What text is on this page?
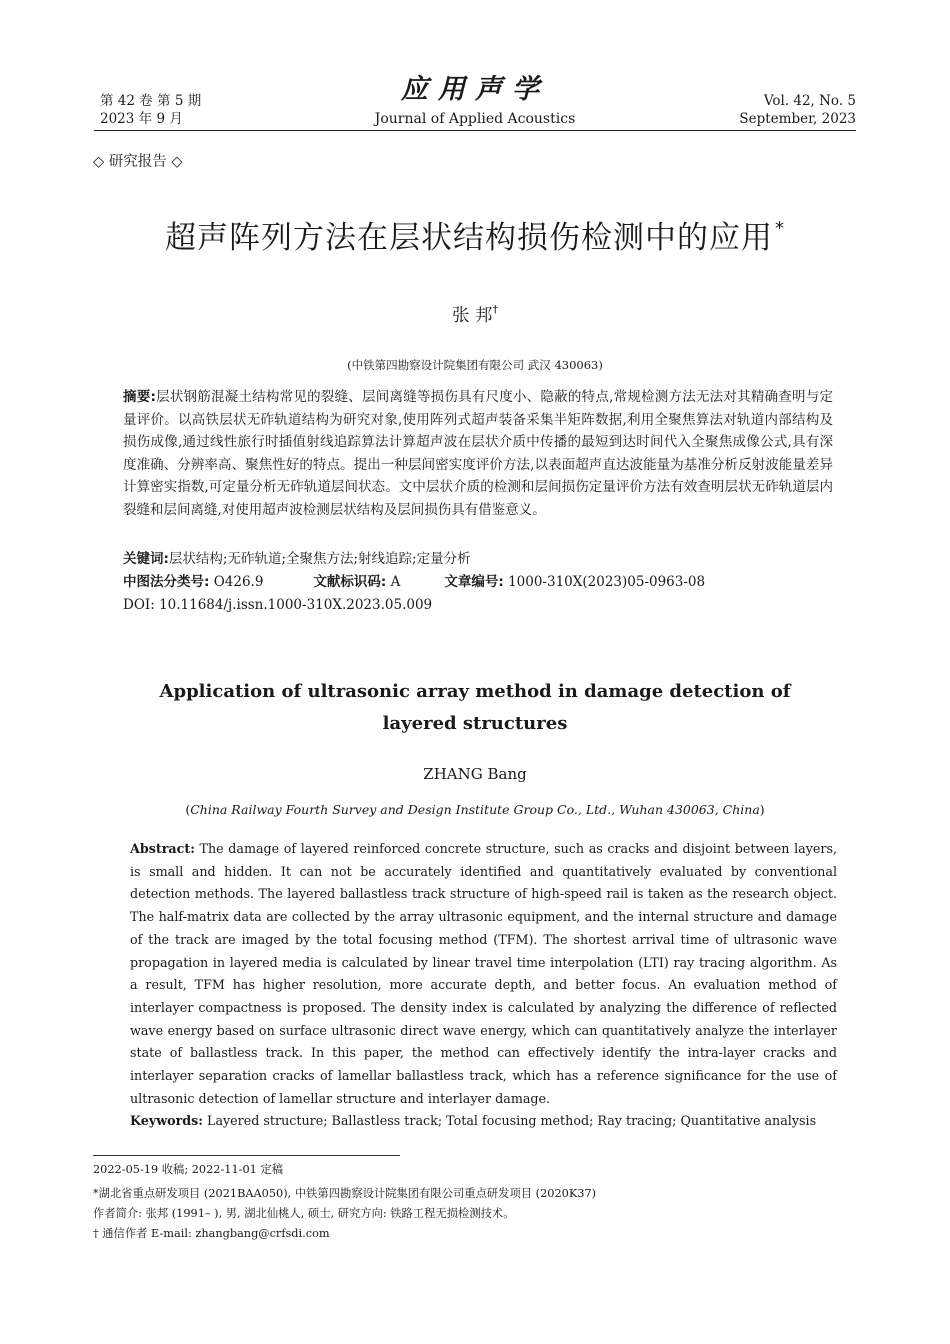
第 42 卷 第 5 期
2023 年 9 月
应用声学
Journal of Applied Acoustics
Vol. 42, No. 5
September, 2023
◇ 研究报告 ◇
超声阵列方法在层状结构损伤检测中的应用 *
张 邦†
(中铁第四勘察设计院集团有限公司 武汉 430063)
摘要:层状钢筋混凝土结构常见的裂缝、层间离缝等损伤具有尺度小、隐蔽的特点,常规检测方法无法对其精确查明与定量评价。以高铁层状无砟轨道结构为研究对象,使用阵列式超声装备采集半矩阵数据,利用全聚焦算法对轨道内部结构及损伤成像,通过线性旅行时插值射线追踪算法计算超声波在层状介质中传播的最短到达时间代入全聚焦成像公式,具有深度准确、分辨率高、聚焦性好的特点。提出一种层间密实度评价方法,以表面超声直达波能量为基准分析反射波能量差异计算密实指数,可定量分析无砟轨道层间状态。文中层状介质的检测和层间损伤定量评价方法有效查明层状无砟轨道层内裂缝和层间离缝,对使用超声波检测层状结构及层间损伤具有借鉴意义。
关键词:层状结构;无砟轨道;全聚焦方法;射线追踪;定量分析
中图法分类号: O426.9	文献标识码: A	文章编号: 1000-310X(2023)05-0963-08
DOI: 10.11684/j.issn.1000-310X.2023.05.009
Application of ultrasonic array method in damage detection of
layered structures
ZHANG Bang
(China Railway Fourth Survey and Design Institute Group Co., Ltd., Wuhan 430063, China)
Abstract: The damage of layered reinforced concrete structure, such as cracks and disjoint between layers, is small and hidden. It can not be accurately identified and quantitatively evaluated by conventional detection methods. The layered ballastless track structure of high-speed rail is taken as the research object. The half-matrix data are collected by the array ultrasonic equipment, and the internal structure and damage of the track are imaged by the total focusing method (TFM). The shortest arrival time of ultrasonic wave propagation in layered media is calculated by linear travel time interpolation (LTI) ray tracing algorithm. As a result, TFM has higher resolution, more accurate depth, and better focus. An evaluation method of interlayer compactness is proposed. The density index is calculated by analyzing the difference of reflected wave energy based on surface ultrasonic direct wave energy, which can quantitatively analyze the interlayer state of ballastless track. In this paper, the method can effectively identify the intra-layer cracks and interlayer separation cracks of lamellar ballastless track, which has a reference significance for the use of ultrasonic detection of lamellar structure and interlayer damage.
Keywords: Layered structure; Ballastless track; Total focusing method; Ray tracing; Quantitative analysis

2022-05-19 收稿; 2022-11-01 定稿

*湖北省重点研发项目 (2021BAA050), 中铁第四勘察设计院集团有限公司重点研发项目 (2020K37)

作者简介: 张邦 (1991– ), 男, 湖北仙桃人, 硕士, 研究方向: 铁路工程无损检测技术。

† 通信作者 E-mail: zhangbang@crfsdi.com
